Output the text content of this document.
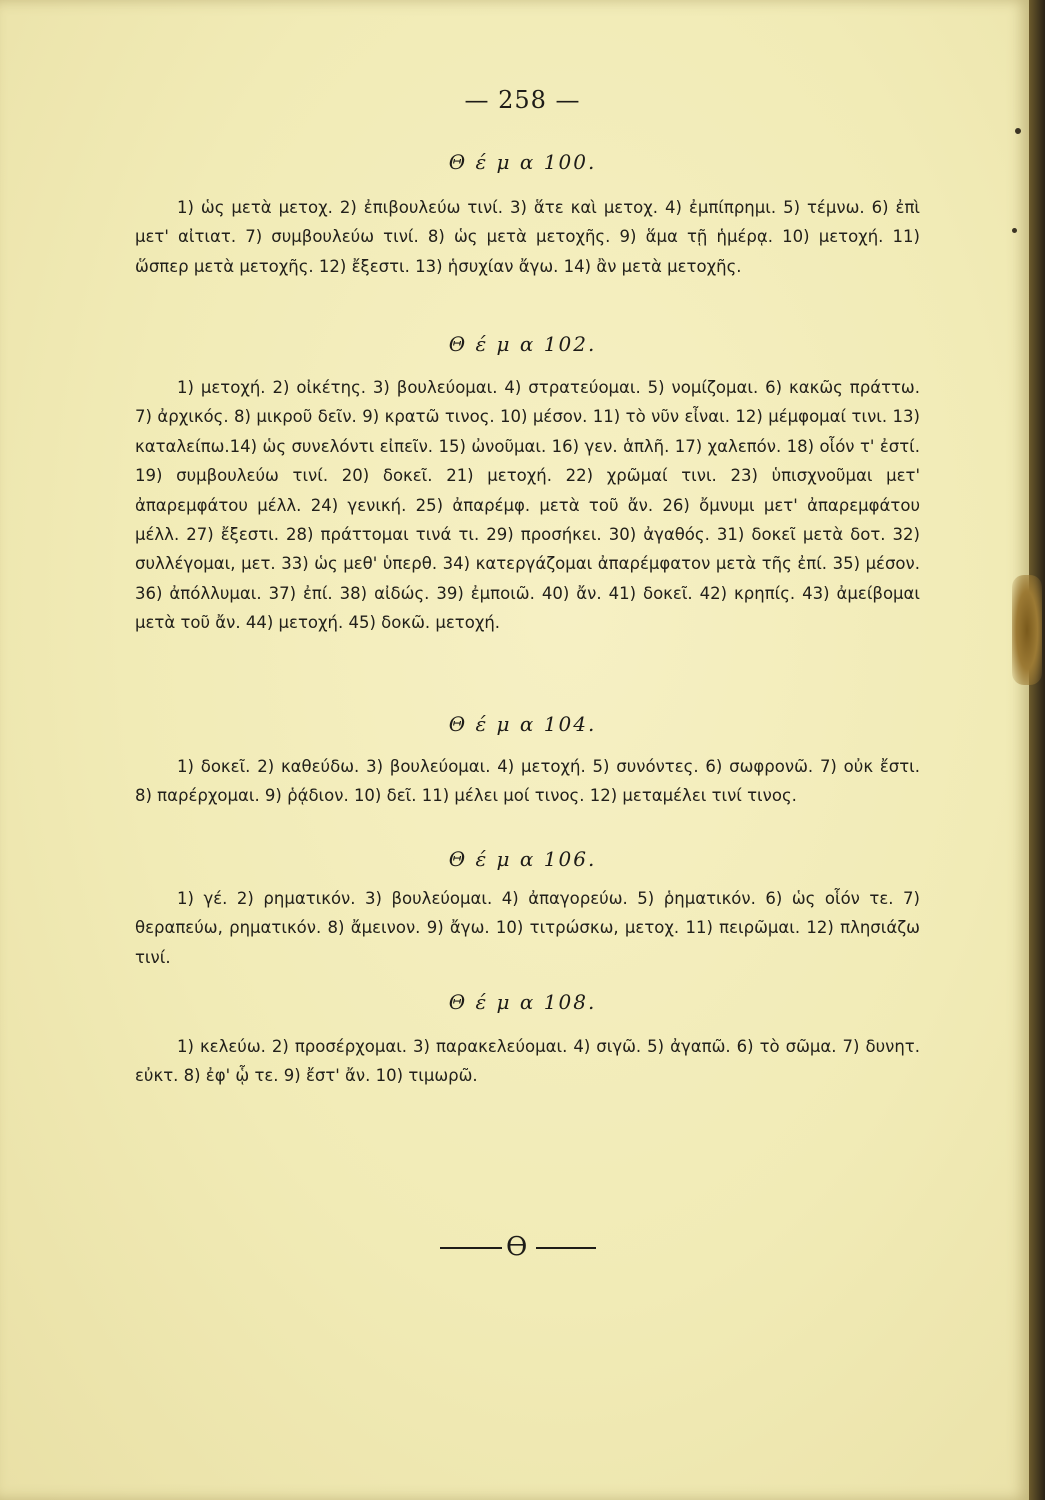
— 258 —
Θ έ μ α 100.

1) ὡς μετὰ μετοχ. 2) ἐπιβουλεύω τινί. 3) ἅτε καὶ μετοχ. 4) ἐμπίπρημι. 5) τέμνω. 6) ἐπὶ μετ' αἰτιατ. 7) συμβουλεύω τινί. 8) ὡς μετὰ μετοχῆς. 9) ἅμα τῇ ἡμέρᾳ. 10) μετοχή. 11) ὥσπερ μετὰ μετοχῆς. 12) ἔξεστι. 13) ἡσυχίαν ἄγω. 14) ἂν μετὰ μετοχῆς.

Θ έ μ α 102.

1) μετοχή. 2) οἰκέτης. 3) βουλεύομαι. 4) στρατεύομαι. 5) νομίζομαι. 6) κακῶς πράττω. 7) ἀρχικός. 8) μικροῦ δεῖν. 9) κρατῶ τινος. 10) μέσον. 11) τὸ νῦν εἶναι. 12) μέμφομαί τινι. 13) καταλείπω.14) ὡς συνελόντι εἰπεῖν. 15) ὠνοῦμαι. 16) γεν. ἁπλῆ. 17) χαλεπόν. 18) οἷόν τ' ἐστί. 19) συμβουλεύω τινί. 20) δοκεῖ. 21) μετοχή. 22) χρῶμαί τινι. 23) ὑπισχνοῦμαι μετ' ἀπαρεμφάτου μέλλ. 24) γενική. 25) ἀπαρέμφ. μετὰ τοῦ ἄν. 26) ὄμνυμι μετ' ἀπαρεμφάτου μέλλ. 27) ἔξεστι. 28) πράττομαι τινά τι. 29) προσήκει. 30) ἀγαθός. 31) δοκεῖ μετὰ δοτ. 32) συλλέγομαι, μετ. 33) ὡς μεθ' ὑπερθ. 34) κατεργάζομαι ἀπαρέμφατον μετὰ τῆς ἐπί. 35) μέσον. 36) ἀπόλλυμαι. 37) ἐπί. 38) αἰδώς. 39) ἐμποιῶ. 40) ἄν. 41) δοκεῖ. 42) κρηπίς. 43) ἀμείβομαι μετὰ τοῦ ἄν. 44) μετοχή. 45) δοκῶ. μετοχή.

Θ έ μ α 104.

1) δοκεῖ. 2) καθεύδω. 3) βουλεύομαι. 4) μετοχή. 5) συνόντες. 6) σωφρονῶ. 7) οὐκ ἔστι. 8) παρέρχομαι. 9) ῥᾴδιον. 10) δεῖ. 11) μέλει μοί τινος. 12) μεταμέλει τινί τινος.

Θ έ μ α 106.

1) γέ. 2) ρηματικόν. 3) βουλεύομαι. 4) ἀπαγορεύω. 5) ῥηματικόν. 6) ὡς οἷόν τε. 7) θεραπεύω, ρηματικόν. 8) ἄμεινον. 9) ἄγω. 10) τιτρώσκω, μετοχ. 11) πειρῶμαι. 12) πλησιάζω τινί.

Θ έ μ α 108.

1) κελεύω. 2) προσέρχομαι. 3) παρακελεύομαι. 4) σιγῶ. 5) ἀγαπῶ. 6) τὸ σῶμα. 7) δυνητ. εὐκτ. 8) ἐφ' ᾧ τε. 9) ἔστ' ἄν. 10) τιμωρῶ.

Ө
